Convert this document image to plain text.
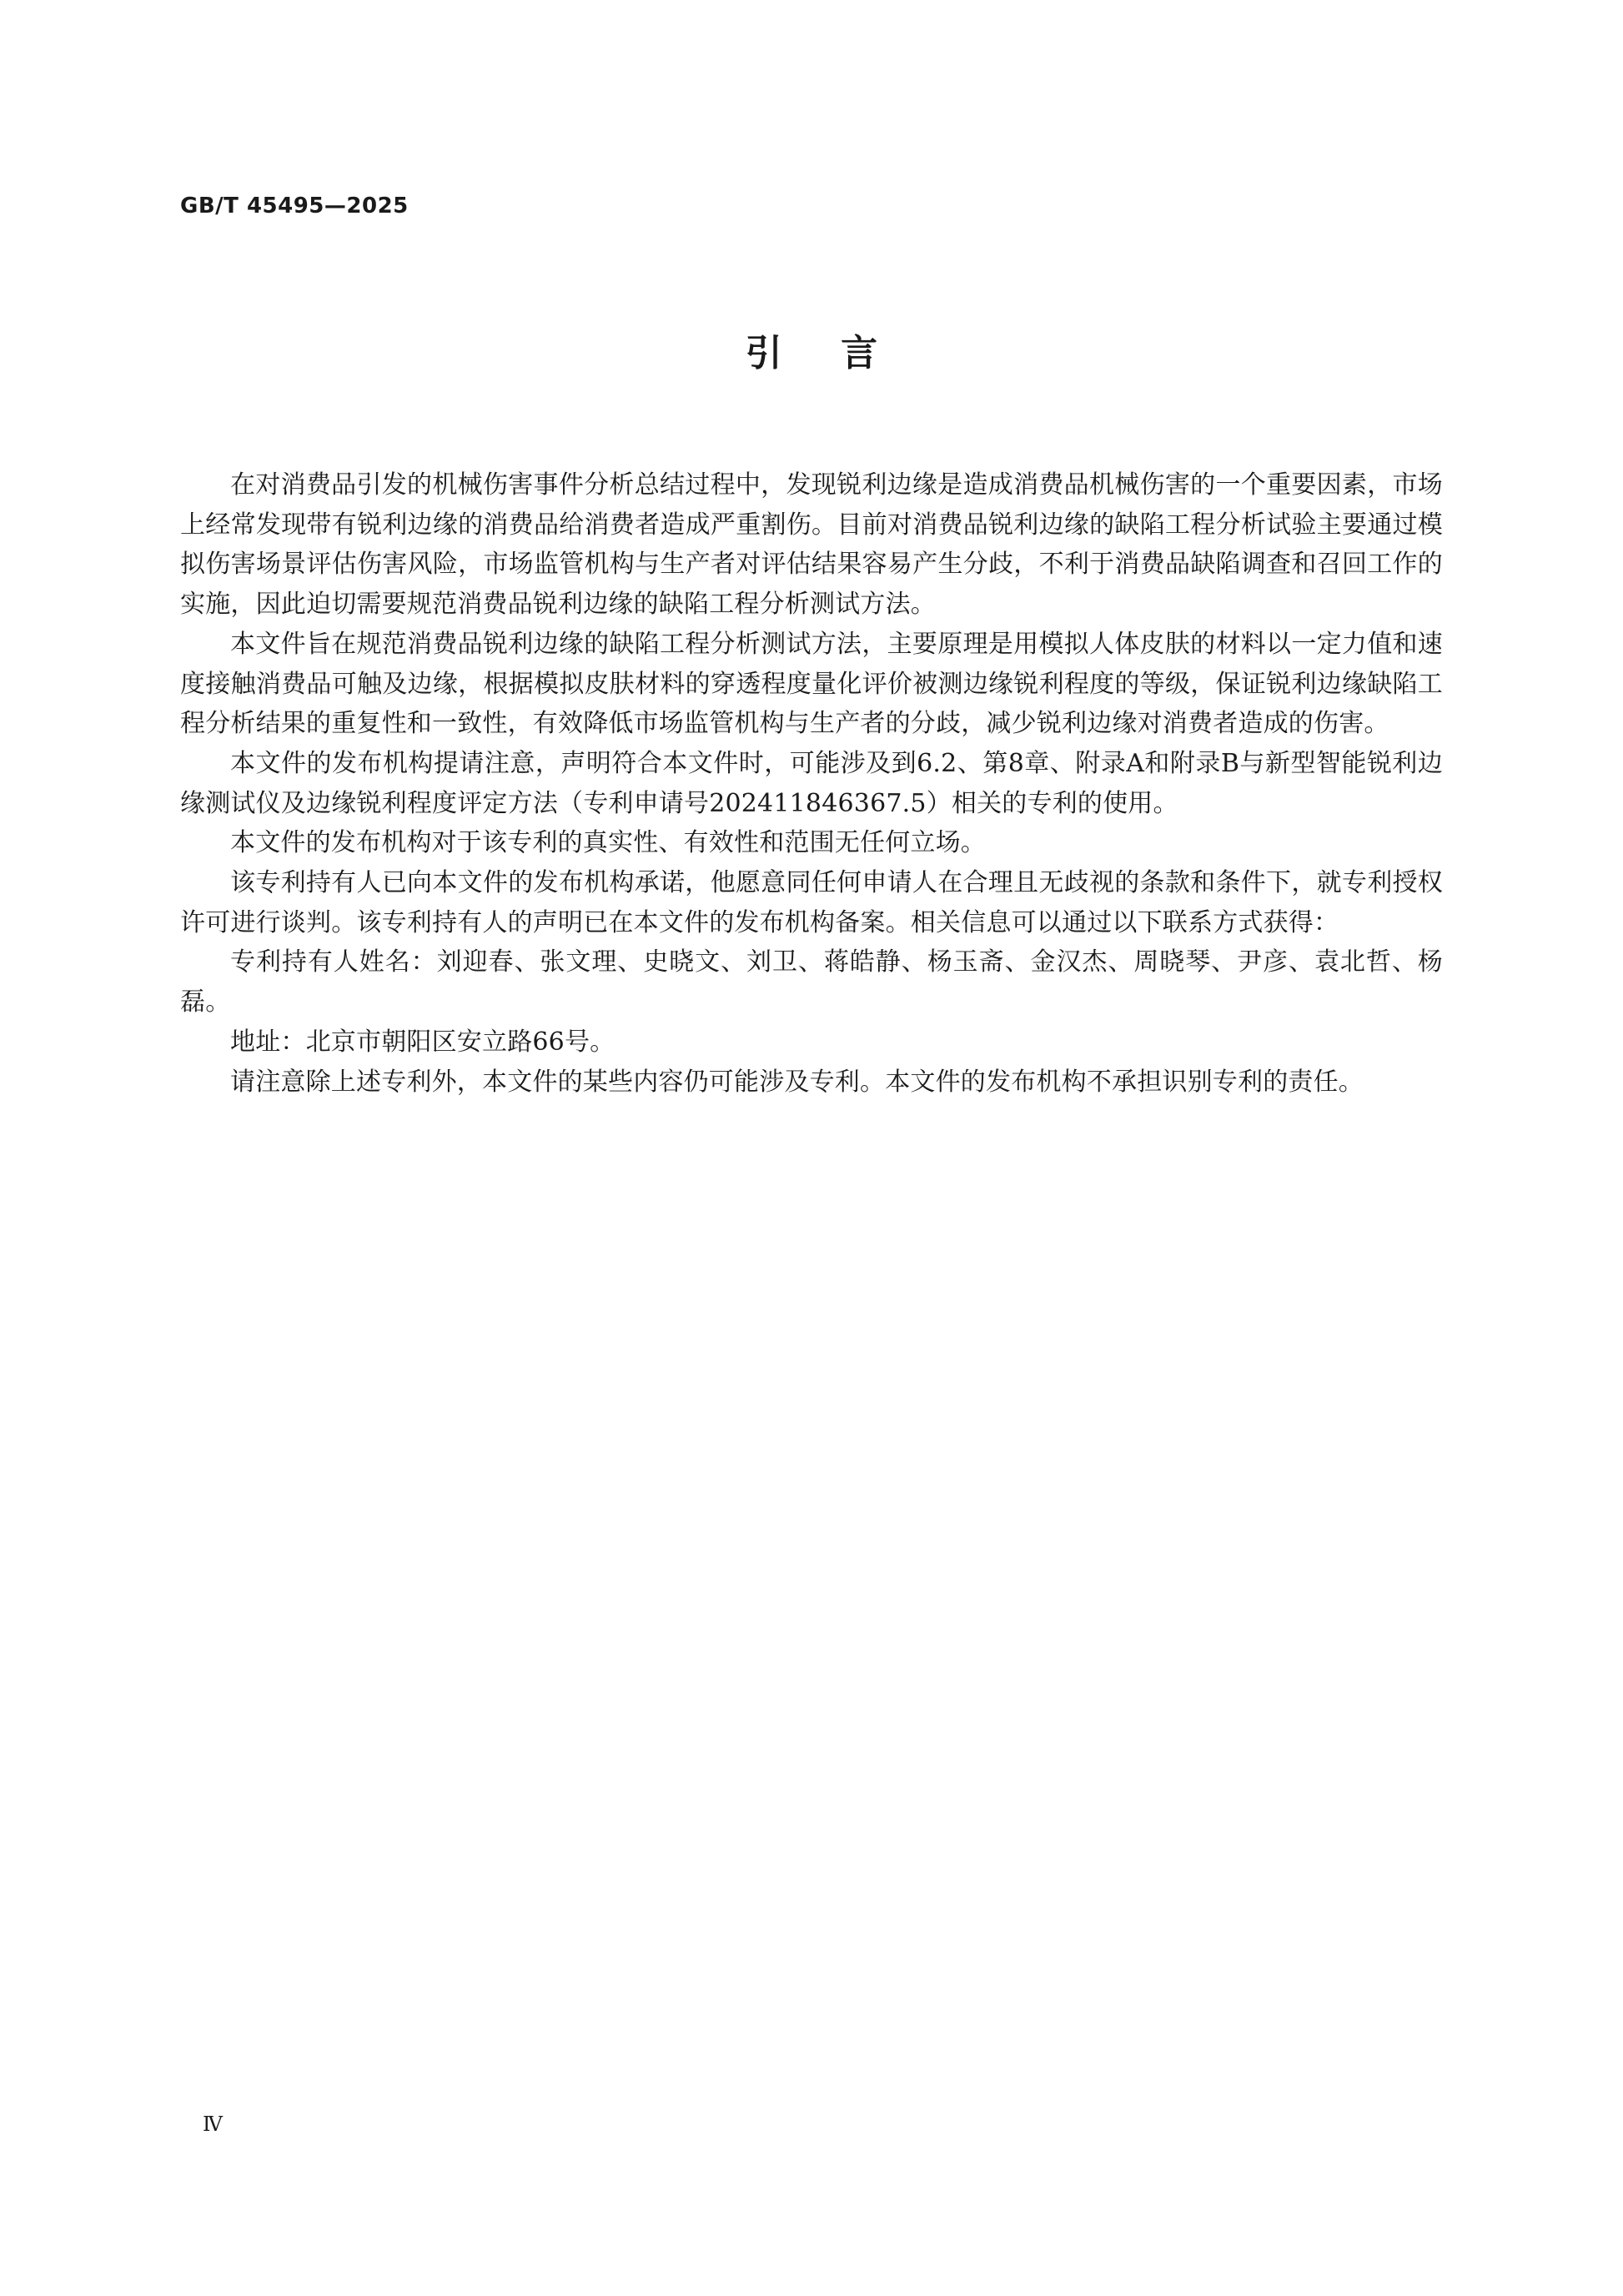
GB/T 45495—2025
引言

在对消费品引发的机械伤害事件分析总结过程中，发现锐利边缘是造成消费品机械伤害的一个重要因素，市场上经常发现带有锐利边缘的消费品给消费者造成严重割伤。目前对消费品锐利边缘的缺陷工程分析试验主要通过模拟伤害场景评估伤害风险，市场监管机构与生产者对评估结果容易产生分歧，不利于消费品缺陷调查和召回工作的实施，因此迫切需要规范消费品锐利边缘的缺陷工程分析测试方法。

本文件旨在规范消费品锐利边缘的缺陷工程分析测试方法，主要原理是用模拟人体皮肤的材料以一定力值和速度接触消费品可触及边缘，根据模拟皮肤材料的穿透程度量化评价被测边缘锐利程度的等级，保证锐利边缘缺陷工程分析结果的重复性和一致性，有效降低市场监管机构与生产者的分歧，减少锐利边缘对消费者造成的伤害。

本文件的发布机构提请注意，声明符合本文件时，可能涉及到6.2、第8章、附录A和附录B与新型智能锐利边缘测试仪及边缘锐利程度评定方法（专利申请号202411846367.5）相关的专利的使用。

本文件的发布机构对于该专利的真实性、有效性和范围无任何立场。

该专利持有人已向本文件的发布机构承诺，他愿意同任何申请人在合理且无歧视的条款和条件下，就专利授权许可进行谈判。该专利持有人的声明已在本文件的发布机构备案。相关信息可以通过以下联系方式获得：

专利持有人姓名：刘迎春、张文理、史晓文、刘卫、蒋皓静、杨玉斋、金汉杰、周晓琴、尹彦、袁北哲、杨磊。

地址：北京市朝阳区安立路66号。

请注意除上述专利外，本文件的某些内容仍可能涉及专利。本文件的发布机构不承担识别专利的责任。

Ⅳ
